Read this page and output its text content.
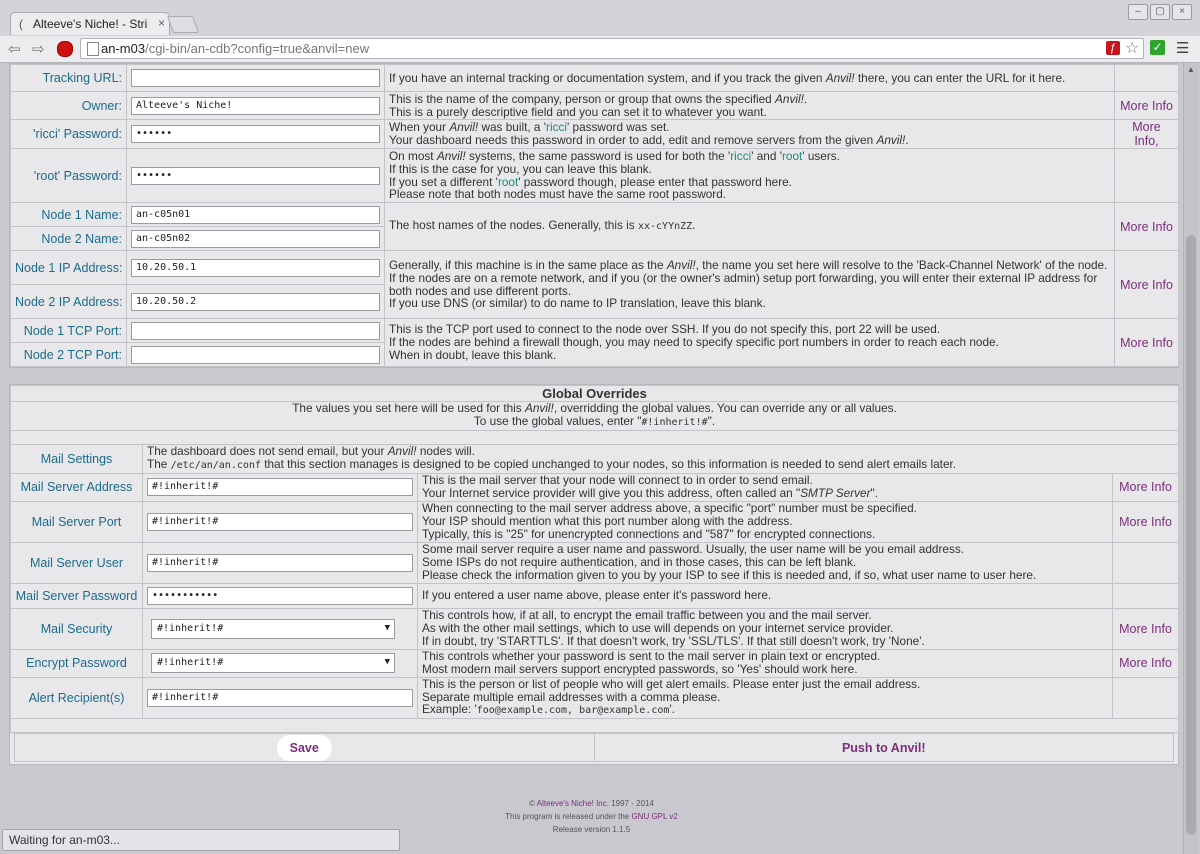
( Alteeve's Niche! - Stri ×
– ▢ ×
⇦ ⇨	an-m03/cgi-bin/an-cdb?config=true&anvil=new	ƒ ☆ ✓ ☰
Tracking URL:		If you have an internal tracking or documentation system, and if you track the given Anvil! there, you can enter the URL for it here.	
Owner:	Alteeve's Niche!	This is the name of the company, person or group that owns the specified Anvil!.
This is a purely descriptive field and you can set it to whatever you want.	More Info
'ricci' Password:	••••••	When your Anvil! was built, a 'ricci' password was set.
Your dashboard needs this password in order to add, edit and remove servers from the given Anvil!.	More Info,
'root' Password:	••••••	On most Anvil! systems, the same password is used for both the 'ricci' and 'root' users.
If this is the case for you, you can leave this blank.
If you set a different 'root' password though, please enter that password here.
Please note that both nodes must have the same root password.	
Node 1 Name:	an-c05n01	The host names of the nodes. Generally, this is xx-cYYnZZ.	More Info
Node 2 Name:	an-c05n02		

Node 1 IP Address:	10.20.50.1	Generally, if this machine is in the same place as the Anvil!, the name you set here will resolve to the 'Back-Channel Network' of the node.
If the nodes are on a remote network, and if you (or the owner's admin) setup port forwarding, you will enter their external IP address for both nodes and use different ports.
If you use DNS (or similar) to do name to IP translation, leave this blank.	More Info
Node 2 IP Address:	10.20.50.2		

Node 1 TCP Port:		This is the TCP port used to connect to the node over SSH. If you do not specify this, port 22 will be used.
If the nodes are behind a firewall though, you may need to specify specific port numbers in order to reach each node.
When in doubt, leave this blank.	More Info
Node 2 TCP Port:			
Global Overrides			
The values you set here will be used for this Anvil!, overridding the global values. You can override any or all values.
To use the global values, enter "#!inherit!#".			

Mail Settings	The dashboard does not send email, but your Anvil! nodes will.
The /etc/an/an.conf that this section manages is designed to be copied unchanged to your nodes, so this information is needed to send alert emails later.		
Mail Server Address	#!inherit!#	This is the mail server that your node will connect to in order to send email.
Your Internet service provider will give you this address, often called an "SMTP Server".	More Info
Mail Server Port	#!inherit!#	When connecting to the mail server address above, a specific "port" number must be specified.
Your ISP should mention what this port number along with the address.
Typically, this is "25" for unencrypted connections and "587" for encrypted connections.	More Info
Mail Server User	#!inherit!#	Some mail server require a user name and password. Usually, the user name will be you email address.
Some ISPs do not require authentication, and in those cases, this can be left blank.
Please check the information given to you by your ISP to see if this is needed and, if so, what user name to user here.	
Mail Server Password	•••••••••••	If you entered a user name above, please enter it's password here.	
Mail Security	#!inherit!# ▼	This controls how, if at all, to encrypt the email traffic between you and the mail server.
As with the other mail settings, which to use will depends on your internet service provider.
If in doubt, try 'STARTTLS'. If that doesn't work, try 'SSL/TLS'. If that still doesn't work, try 'None'.	More Info
Encrypt Password	#!inherit!# ▼	This controls whether your password is sent to the mail server in plain text or encrypted.
Most modern mail servers support encrypted passwords, so 'Yes' should work here.	More Info
Alert Recipient(s)	#!inherit!#	This is the person or list of people who will get alert emails. Please enter just the email address.
Separate multiple email addresses with a comma please.
Example: 'foo@example.com, bar@example.com'.	

Save	Push to Anvil!
© Alteeve's Niche! Inc. 1997 - 2014
This program is released under the GNU GPL v2
Release version 1.1.5
▲
Waiting for an-m03...
